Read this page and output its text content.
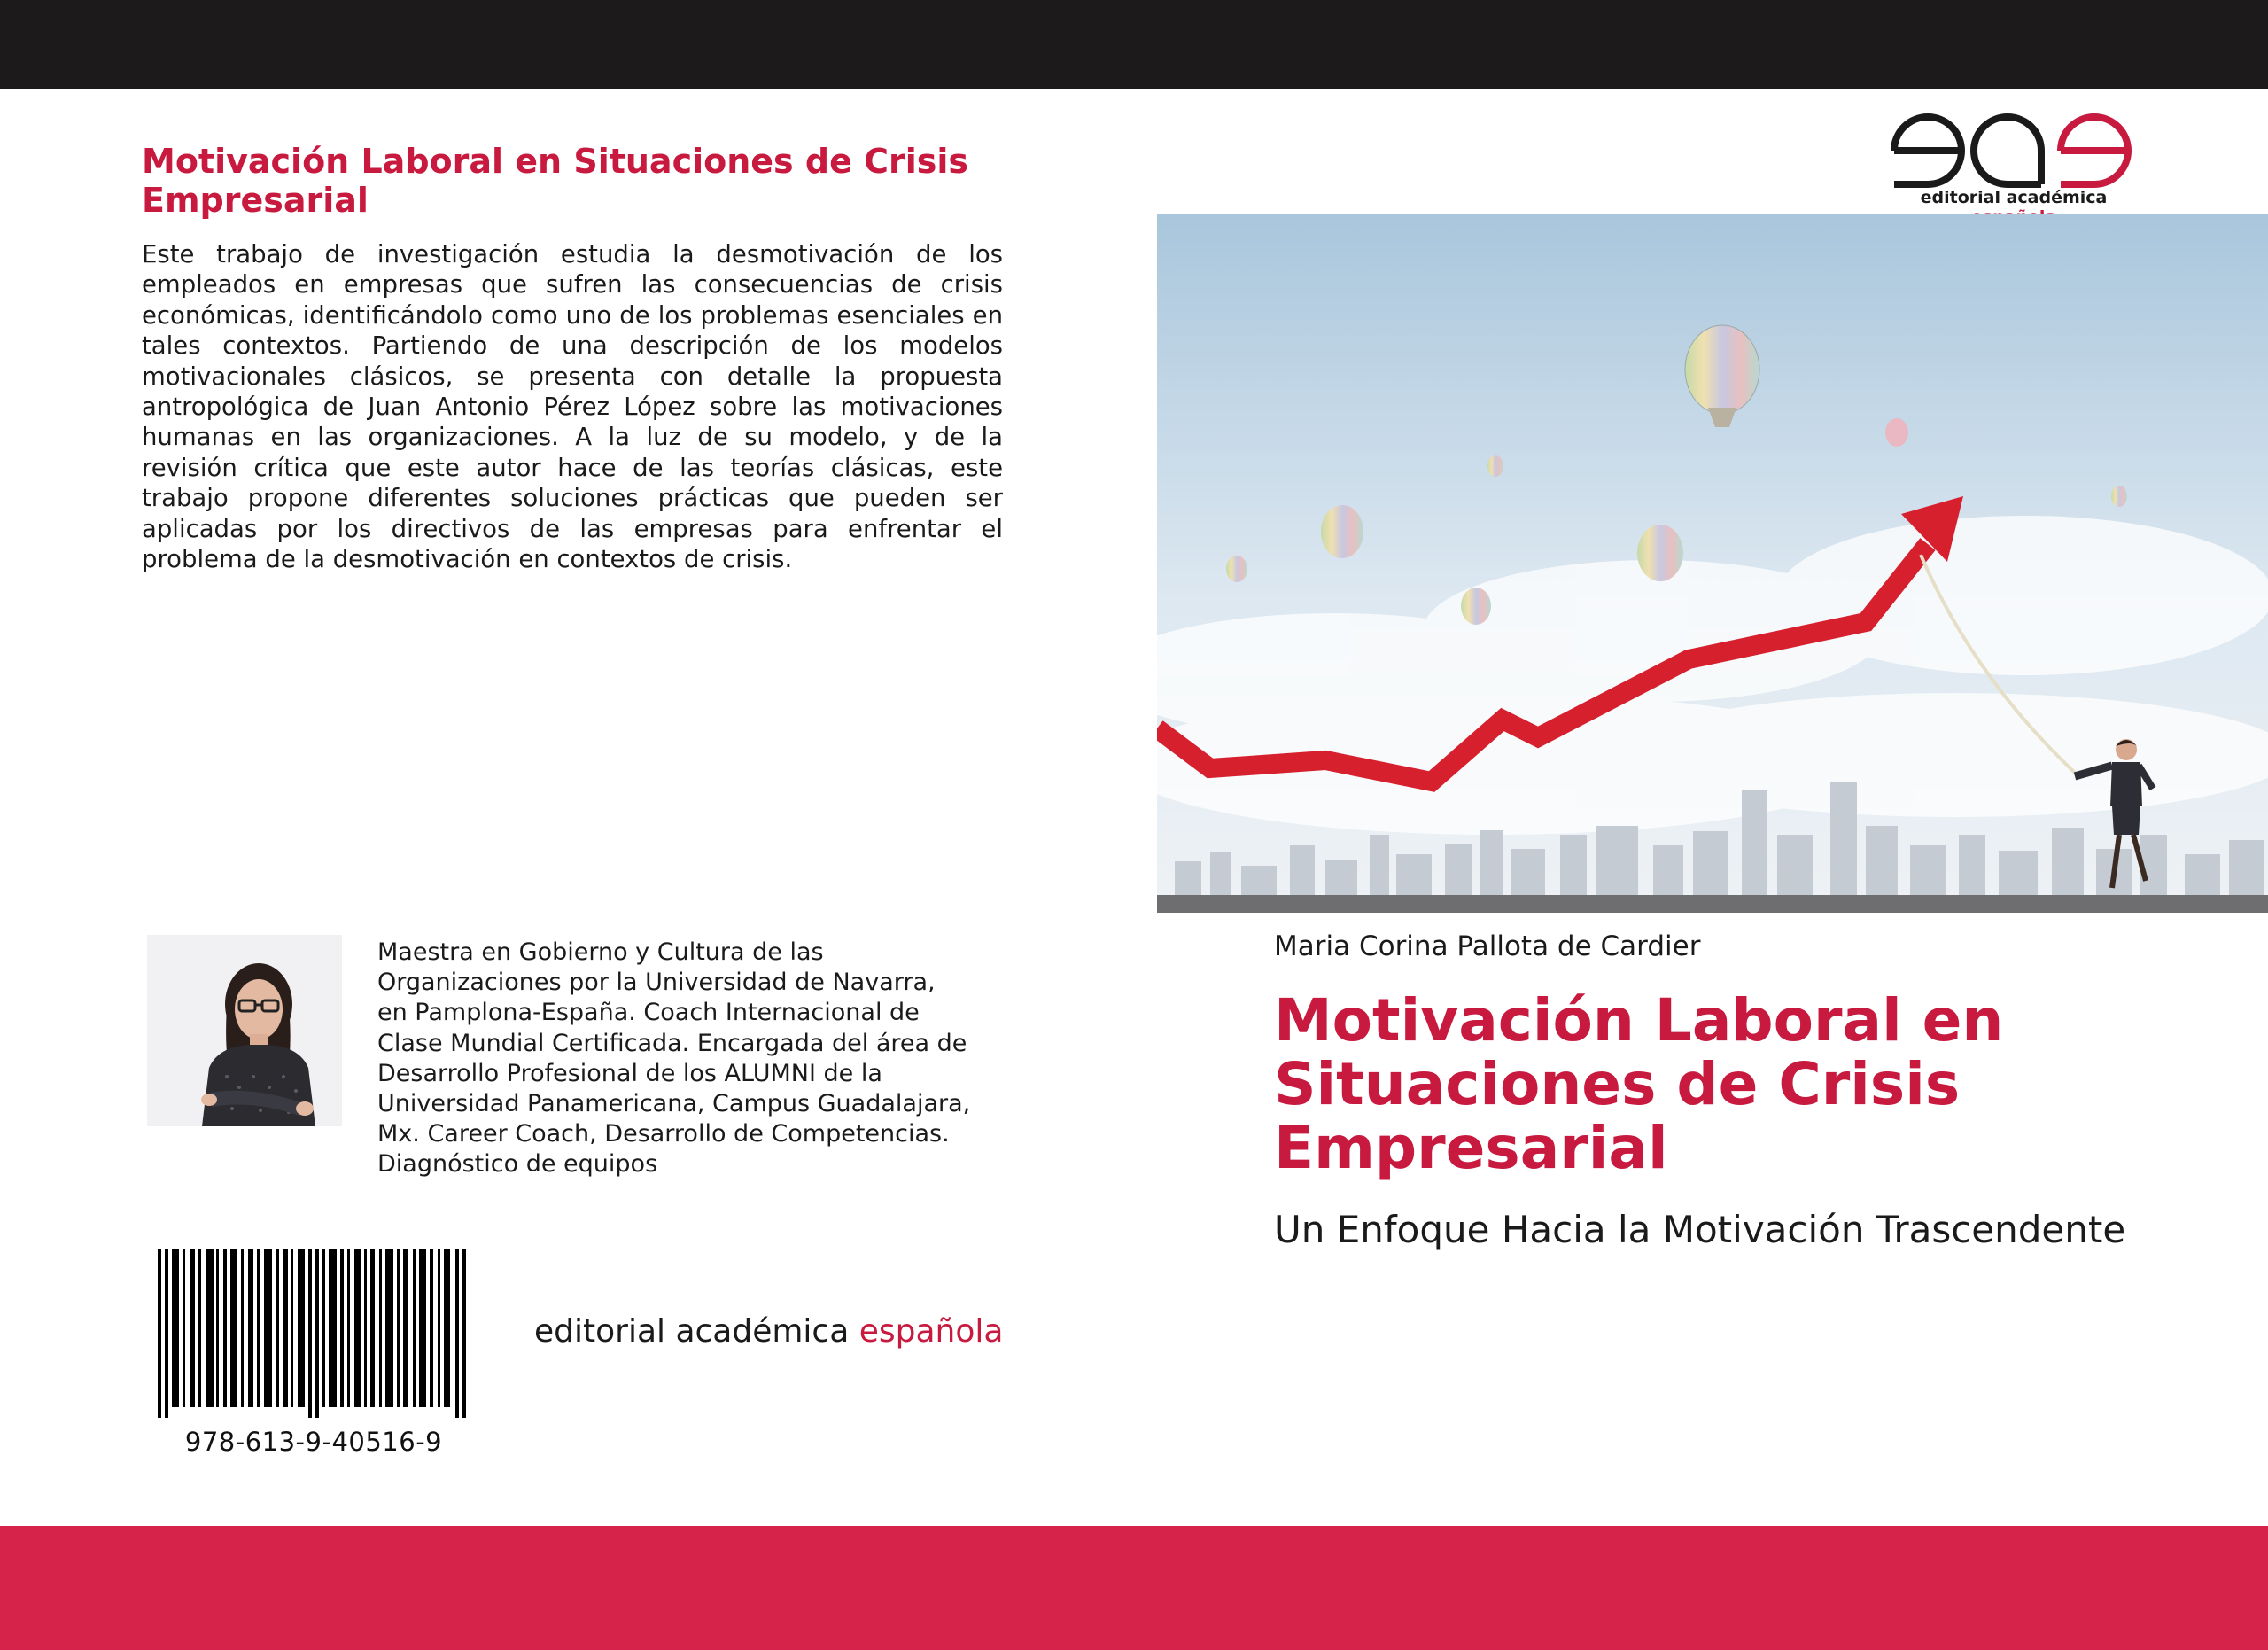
Motivación Laboral en Situaciones de Crisis Empresarial

Este trabajo de investigación estudia la desmotivación de los empleados en empresas que sufren las consecuencias de crisis económicas, identificándolo como uno de los problemas esenciales en tales contextos. Partiendo de una descripción de los modelos motivacionales clásicos, se presenta con detalle la propuesta antropológica de Juan Antonio Pérez López sobre las motivaciones humanas en las organizaciones. A la luz de su modelo, y de la revisión crítica que este autor hace de las teorías clásicas, este trabajo propone diferentes soluciones prácticas que pueden ser aplicadas por los directivos de las empresas para enfrentar el problema de la desmotivación en contextos de crisis.

Maestra en Gobierno y Cultura de las Organizaciones por la Universidad de Navarra, en Pamplona-España. Coach Internacional de Clase Mundial Certificada. Encargada del área de Desarrollo Profesional de los ALUMNI de la Universidad Panamericana, Campus Guadalajara, Mx. Career Coach, Desarrollo de Competencias. Diagnóstico de equipos

978-613-9-40516-9
editorial académica española
editorial académica
Maria Corina Pallota de Cardier
Motivación Laboral en Situaciones de Crisis Empresarial

Un Enfoque Hacia la Motivación Trascendente
